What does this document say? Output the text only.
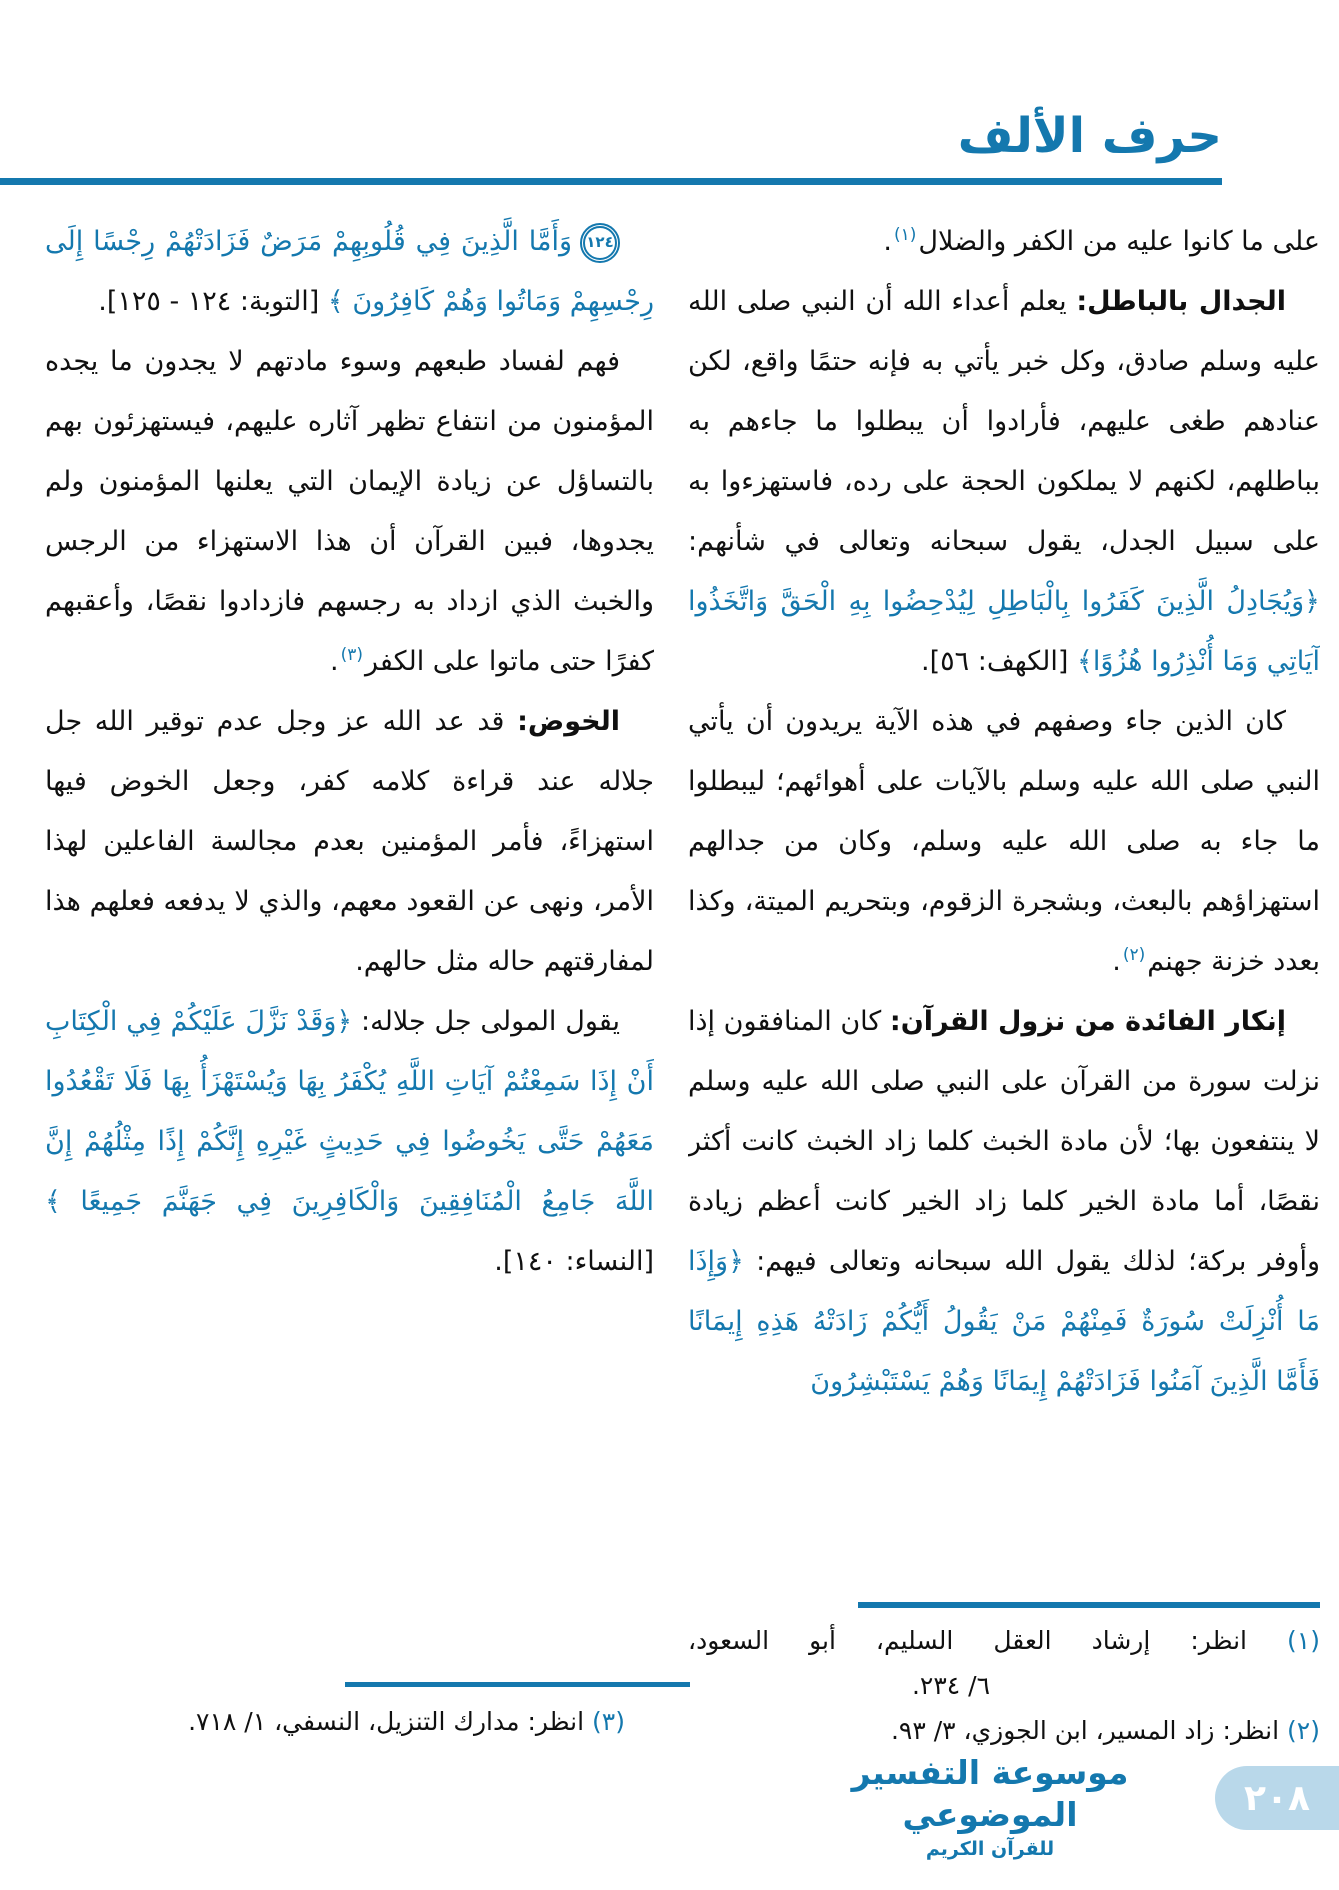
حرف الألف

على ما كانوا عليه من الكفر والضلال$^{(١)}$.

الجدال بالباطل: يعلم أعداء الله أن النبي صلى الله عليه وسلم صادق، وكل خبر يأتي به فإنه حتمًا واقع، لكن عنادهم طغى عليهم، فأرادوا أن يبطلوا ما جاءهم به بباطلهم، لكنهم لا يملكون الحجة على رده، فاستهزءوا به على سبيل الجدل، يقول سبحانه وتعالى في شأنهم: ﴿وَيُجَادِلُ الَّذِينَ كَفَرُوا بِالْبَاطِلِ لِيُدْحِضُوا بِهِ الْحَقَّ وَاتَّخَذُوا آيَاتِي وَمَا أُنْذِرُوا هُزُوًا﴾ [الكهف: ٥٦].

كان الذين جاء وصفهم في هذه الآية يريدون أن يأتي النبي صلى الله عليه وسلم بالآيات على أهوائهم؛ ليبطلوا ما جاء به صلى الله عليه وسلم، وكان من جدالهم استهزاؤهم بالبعث، وبشجرة الزقوم، وبتحريم الميتة، وكذا بعدد خزنة جهنم$^{(٢)}$.

إنكار الفائدة من نزول القرآن: كان المنافقون إذا نزلت سورة من القرآن على النبي صلى الله عليه وسلم لا ينتفعون بها؛ لأن مادة الخبث كلما زاد الخبث كانت أكثر نقصًا، أما مادة الخير كلما زاد الخير كانت أعظم زيادة وأوفر بركة؛ لذلك يقول الله سبحانه وتعالى فيهم: ﴿وَإِذَا مَا أُنْزِلَتْ سُورَةٌ فَمِنْهُمْ مَنْ يَقُولُ أَيُّكُمْ زَادَتْهُ هَذِهِ إِيمَانًا فَأَمَّا الَّذِينَ آمَنُوا فَزَادَتْهُمْ إِيمَانًا وَهُمْ يَسْتَبْشِرُونَ

١٢٤وَأَمَّا الَّذِينَ فِي قُلُوبِهِمْ مَرَضٌ فَزَادَتْهُمْ رِجْسًا إِلَى رِجْسِهِمْ وَمَاتُوا وَهُمْ كَافِرُونَ ﴾ [التوبة: ١٢٤ - ١٢٥].

فهم لفساد طبعهم وسوء مادتهم لا يجدون ما يجده المؤمنون من انتفاع تظهر آثاره عليهم، فيستهزئون بهم بالتساؤل عن زيادة الإيمان التي يعلنها المؤمنون ولم يجدوها، فبين القرآن أن هذا الاستهزاء من الرجس والخبث الذي ازداد به رجسهم فازدادوا نقصًا، وأعقبهم كفرًا حتى ماتوا على الكفر$^{(٣)}$.

الخوض: قد عد الله عز وجل عدم توقير الله جل جلاله عند قراءة كلامه كفر، وجعل الخوض فيها استهزاءً، فأمر المؤمنين بعدم مجالسة الفاعلين لهذا الأمر، ونهى عن القعود معهم، والذي لا يدفعه فعلهم هذا لمفارقتهم حاله مثل حالهم.

يقول المولى جل جلاله: ﴿وَقَدْ نَزَّلَ عَلَيْكُمْ فِي الْكِتَابِ أَنْ إِذَا سَمِعْتُمْ آيَاتِ اللَّهِ يُكْفَرُ بِهَا وَيُسْتَهْزَأُ بِهَا فَلَا تَقْعُدُوا مَعَهُمْ حَتَّى يَخُوضُوا فِي حَدِيثٍ غَيْرِهِ إِنَّكُمْ إِذًا مِثْلُهُمْ إِنَّ اللَّهَ جَامِعُ الْمُنَافِقِينَ وَالْكَافِرِينَ فِي جَهَنَّمَ جَمِيعًا ﴾ [النساء: ١٤٠].

(١) انظر: إرشاد العقل السليم، أبو السعود،
٦/ ٢٣٤.
(٢) انظر: زاد المسير، ابن الجوزي، ٣/ ٩٣.
(٣) انظر: مدارك التنزيل، النسفي، ١/ ٧١٨.
موسوعة التفسير الموضوعي
للقرآن الكريم
٢٠٨
